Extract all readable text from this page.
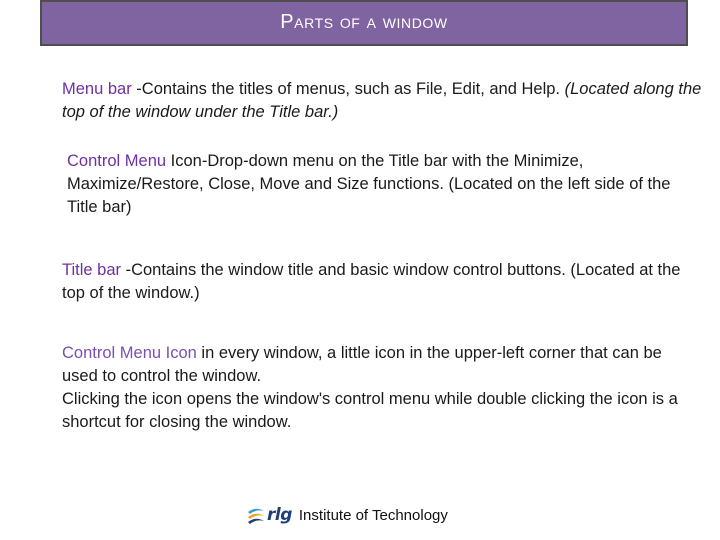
Parts of a window

Menu bar -Contains the titles of menus, such as File, Edit, and Help. (Located along the top of the window under the Title bar.)

Control Menu Icon-Drop-down menu on the Title bar with the Minimize, Maximize/Restore, Close, Move and Size functions. (Located on the left side of the Title bar)

Title bar -Contains the window title and basic window control buttons. (Located at the top of the window.)

Control Menu Icon in every window, a little icon in the upper-left corner that can be used to control the window.

Clicking the icon opens the window's control menu while double clicking the icon is a shortcut for closing the window.

rlg Institute of Technology
